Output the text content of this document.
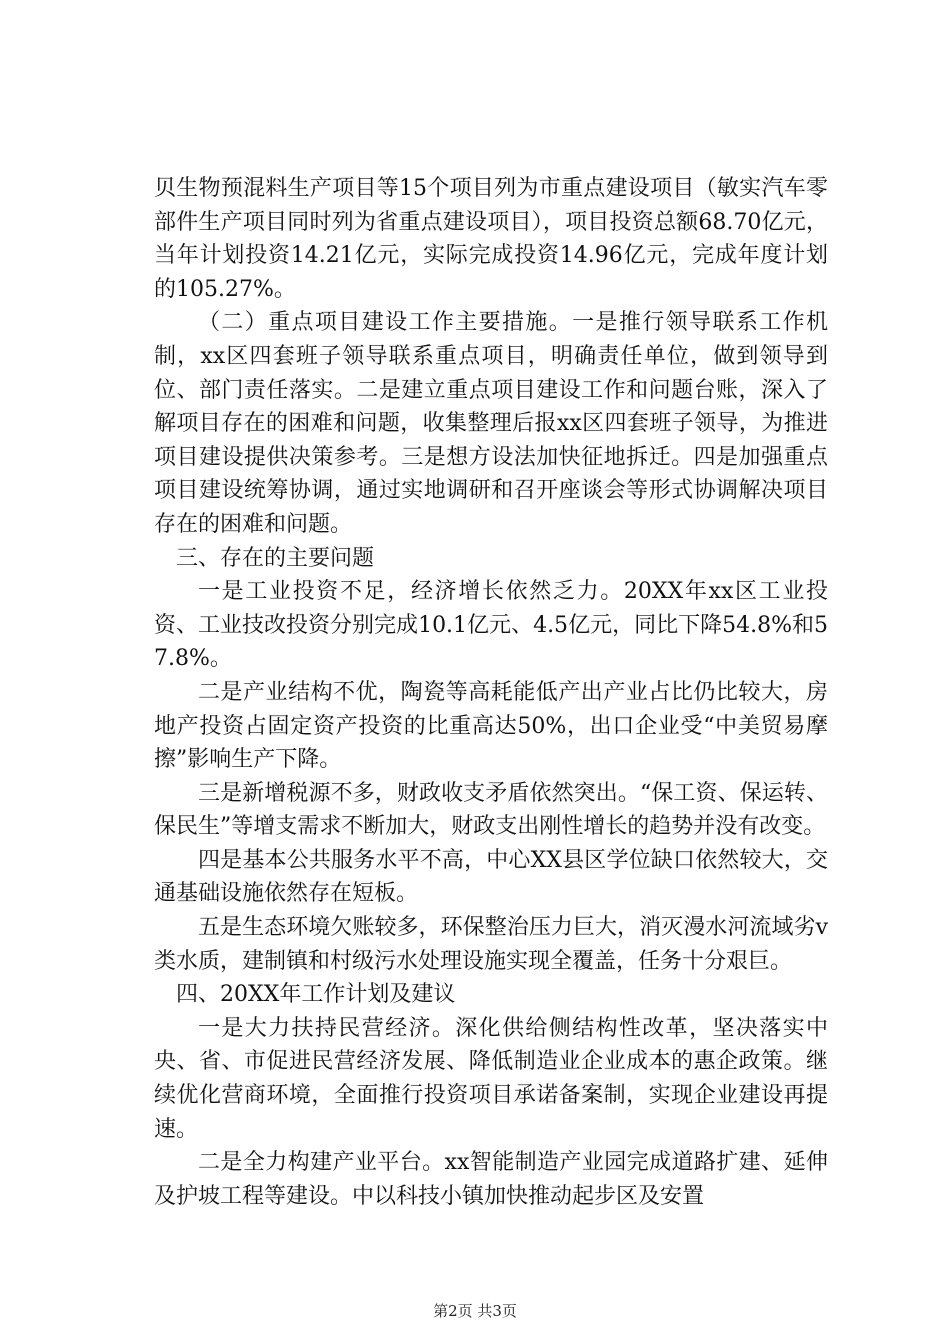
贝生物预混料生产项目等15个项目列为市重点建设项目（敏实汽车零部件生产项目同时列为省重点建设项目），项目投资总额68.70亿元，当年计划投资14.21亿元，实际完成投资14.96亿元，完成年度计划的105.27%。

（二）重点项目建设工作主要措施。一是推行领导联系工作机制，xx区四套班子领导联系重点项目，明确责任单位，做到领导到位、部门责任落实。二是建立重点项目建设工作和问题台账，深入了解项目存在的困难和问题，收集整理后报xx区四套班子领导，为推进项目建设提供决策参考。三是想方设法加快征地拆迁。四是加强重点项目建设统筹协调，通过实地调研和召开座谈会等形式协调解决项目存在的困难和问题。

三、存在的主要问题

一是工业投资不足，经济增长依然乏力。20XX年xx区工业投资、工业技改投资分别完成10.1亿元、4.5亿元，同比下降54.8%和57.8%。

二是产业结构不优，陶瓷等高耗能低产出产业占比仍比较大，房地产投资占固定资产投资的比重高达50%，出口企业受“中美贸易摩擦”影响生产下降。

三是新增税源不多，财政收支矛盾依然突出。“保工资、保运转、保民生”等增支需求不断加大，财政支出刚性增长的趋势并没有改变。

四是基本公共服务水平不高，中心XX县区学位缺口依然较大，交通基础设施依然存在短板。

五是生态环境欠账较多，环保整治压力巨大，消灭漫水河流域劣v类水质，建制镇和村级污水处理设施实现全覆盖，任务十分艰巨。

四、20XX年工作计划及建议

一是大力扶持民营经济。深化供给侧结构性改革，坚决落实中央、省、市促进民营经济发展、降低制造业企业成本的惠企政策。继续优化营商环境，全面推行投资项目承诺备案制，实现企业建设再提速。

二是全力构建产业平台。xx智能制造产业园完成道路扩建、延伸及护坡工程等建设。中以科技小镇加快推动起步区及安置

第2页 共3页
